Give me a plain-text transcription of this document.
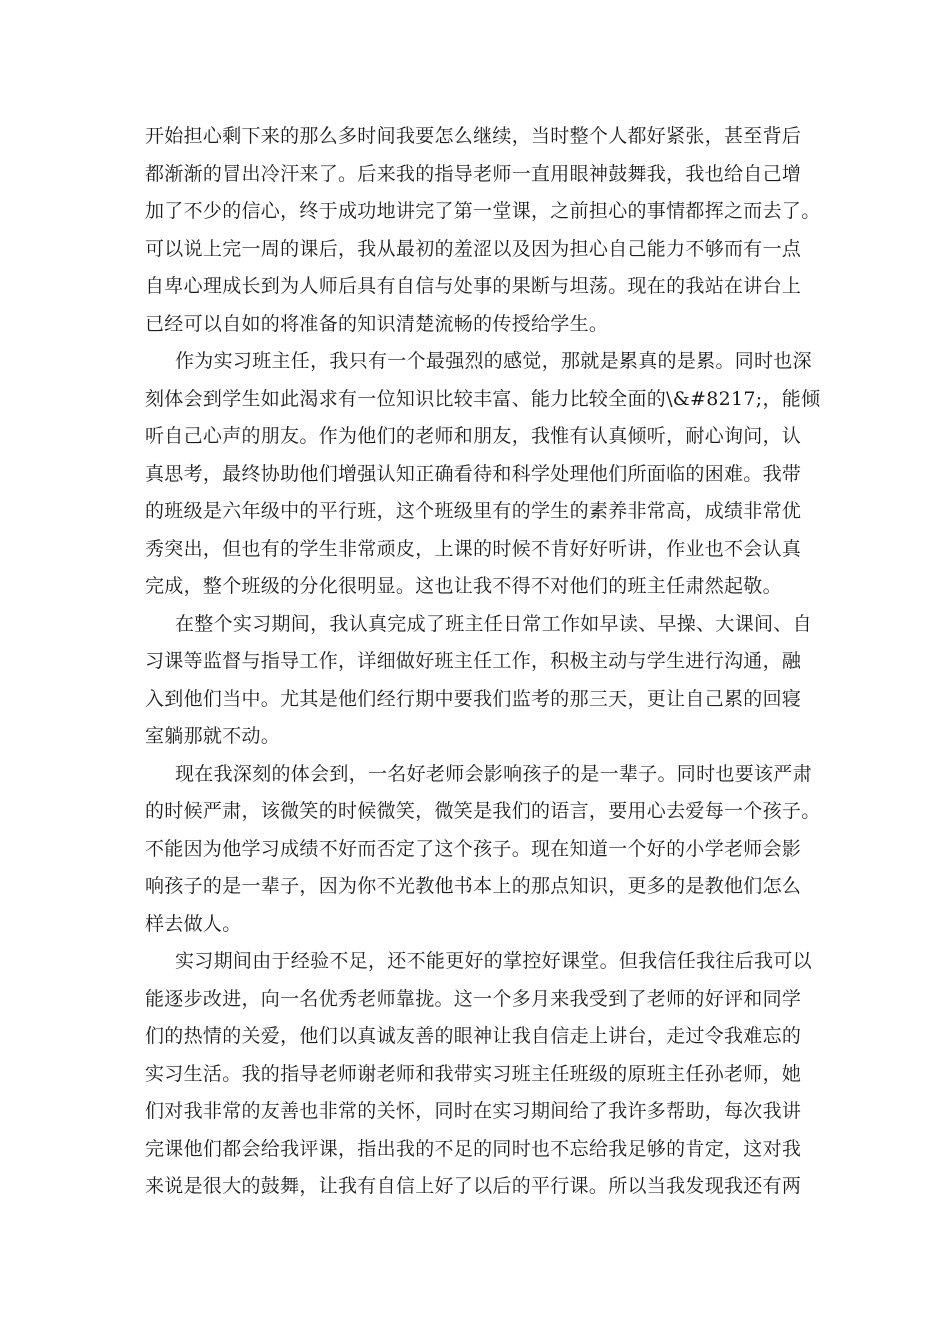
开始担心剩下来的那么多时间我要怎么继续，当时整个人都好紧张，甚至背后
都渐渐的冒出冷汗来了。后来我的指导老师一直用眼神鼓舞我，我也给自己增
加了不少的信心，终于成功地讲完了第一堂课，之前担心的事情都挥之而去了。
可以说上完一周的课后，我从最初的羞涩以及因为担心自己能力不够而有一点
自卑心理成长到为人师后具有自信与处事的果断与坦荡。现在的我站在讲台上
已经可以自如的将准备的知识清楚流畅的传授给学生。
作为实习班主任，我只有一个最强烈的感觉，那就是累真的是累。同时也深
刻体会到学生如此渴求有一位知识比较丰富、能力比较全面的\&#8217;，能倾
听自己心声的朋友。作为他们的老师和朋友，我惟有认真倾听，耐心询问，认
真思考，最终协助他们增强认知正确看待和科学处理他们所面临的困难。我带
的班级是六年级中的平行班，这个班级里有的学生的素养非常高，成绩非常优
秀突出，但也有的学生非常顽皮，上课的时候不肯好好听讲，作业也不会认真
完成，整个班级的分化很明显。这也让我不得不对他们的班主任肃然起敬。
在整个实习期间，我认真完成了班主任日常工作如早读、早操、大课间、自
习课等监督与指导工作，详细做好班主任工作，积极主动与学生进行沟通，融
入到他们当中。尤其是他们经行期中要我们监考的那三天，更让自己累的回寝
室躺那就不动。
现在我深刻的体会到，一名好老师会影响孩子的是一辈子。同时也要该严肃
的时候严肃，该微笑的时候微笑，微笑是我们的语言，要用心去爱每一个孩子。
不能因为他学习成绩不好而否定了这个孩子。现在知道一个好的小学老师会影
响孩子的是一辈子，因为你不光教他书本上的那点知识，更多的是教他们怎么
样去做人。
实习期间由于经验不足，还不能更好的掌控好课堂。但我信任我往后我可以
能逐步改进，向一名优秀老师靠拢。这一个多月来我受到了老师的好评和同学
们的热情的关爱，他们以真诚友善的眼神让我自信走上讲台，走过令我难忘的
实习生活。我的指导老师谢老师和我带实习班主任班级的原班主任孙老师，她
们对我非常的友善也非常的关怀，同时在实习期间给了我许多帮助，每次我讲
完课他们都会给我评课，指出我的不足的同时也不忘给我足够的肯定，这对我
来说是很大的鼓舞，让我有自信上好了以后的平行课。所以当我发现我还有两
